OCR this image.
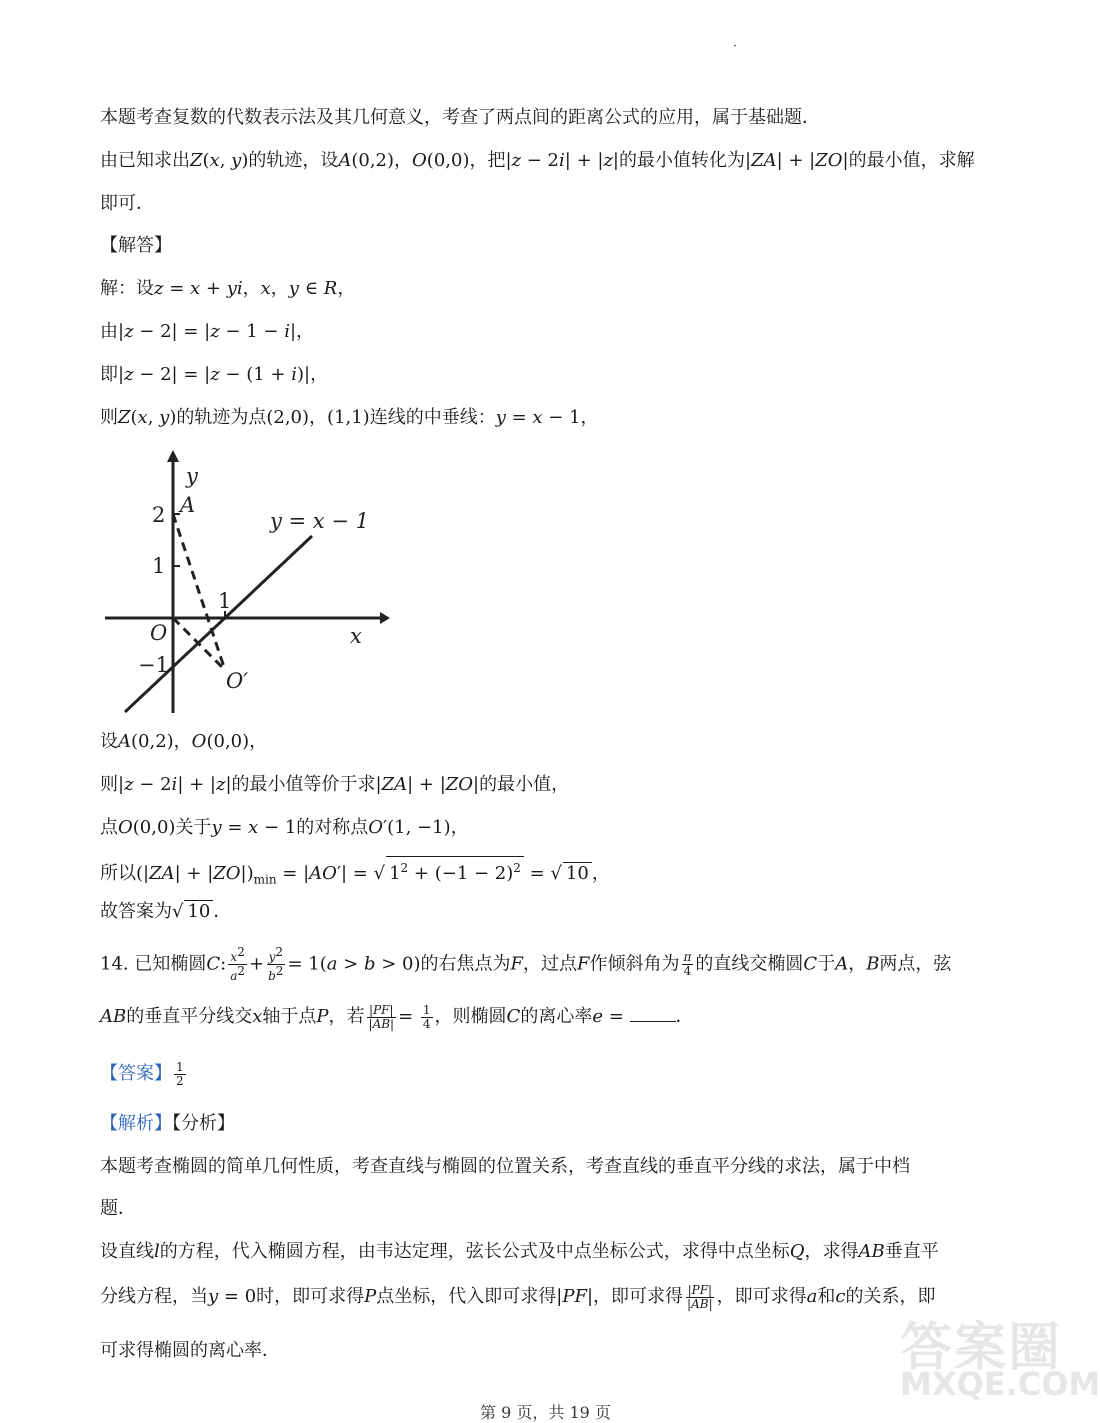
·
本题考查复数的代数表示法及其几何意义，考查了两点间的距离公式的应用，属于基础题．
由已知求出Z(x, y)的轨迹，设A(0,2)，O(0,0)，把|z − 2i| + |z|的最小值转化为|ZA| + |ZO|的最小值，求解
即可．
【解答】
解：设z = x + yi，x，y ∈ R，
由|z − 2| = |z − 1 − i|，
即|z − 2| = |z − (1 + i)|，
则Z(x, y)的轨迹为点(2,0)，(1,1)连线的中垂线：y = x − 1，
y
x
A
O
O′
2
1
−1
1
y = x − 1
设A(0,2)，O(0,0)，
则|z − 2i| + |z|的最小值等价于求|ZA| + |ZO|的最小值，
点O(0,0)关于y = x − 1的对称点O′(1, −1)，
所以$(|ZA| + |ZO|)_{min} = |AO'|$ = √ $1^2 + (-1 - 2)^2$ = √ 10 ，
故答案为√ 10 ．
14. 已知椭圆C: $\frac{x^2}{a^2} + \frac{y^2}{b^2} = 1(a > b > 0)$的右焦点为F，过点F作倾斜角为 $\frac{\pi}{4}$ 的直线交椭圆C于A，B两点，弦
AB的垂直平分线交x轴于点P，若 $\frac{|PF|}{|AB|} = \frac{1}{4}$ ，则椭圆C的离心率e =	．
【答案】 $\frac{1}{2}$
【解析】【分析】
本题考查椭圆的简单几何性质，考查直线与椭圆的位置关系，考查直线的垂直平分线的求法，属于中档
题．
设直线l的方程，代入椭圆方程，由韦达定理，弦长公式及中点坐标公式，求得中点坐标Q，求得AB垂直平
分线方程，当y = 0时，即可求得P点坐标，代入即可求得|PF|，即可求得 $\frac{|PF|}{|AB|}$ ，即可求得a和c的关系，即
可求得椭圆的离心率．	答案圈
MXQE.COM
第 9 页，共 19 页
